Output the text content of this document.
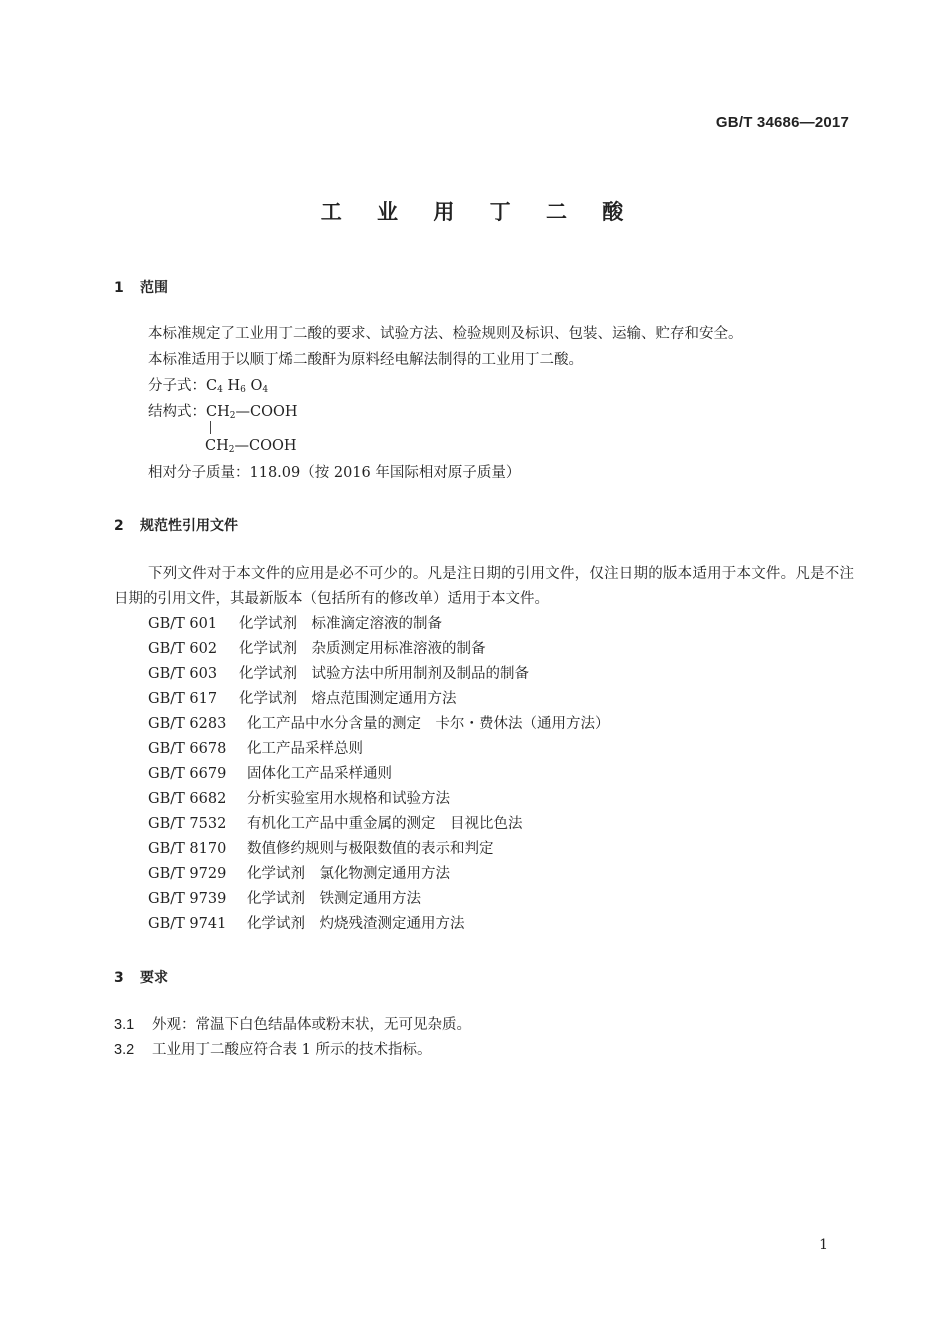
GB/T 34686—2017
工 业 用 丁 二 酸
1 范围
本标准规定了工业用丁二酸的要求、试验方法、检验规则及标识、包装、运输、贮存和安全。
本标准适用于以顺丁烯二酸酐为原料经电解法制得的工业用丁二酸。
分子式：C4 H6 O4
结构式：CH2—COOH
CH2—COOH
相对分子质量：118.09（按 2016 年国际相对原子质量）
2 规范性引用文件
下列文件对于本文件的应用是必不可少的。凡是注日期的引用文件，仅注日期的版本适用于本文件。凡是不注日期的引用文件，其最新版本（包括所有的修改单）适用于本文件。
GB/T 601 化学试剂　标准滴定溶液的制备
GB/T 602 化学试剂　杂质测定用标准溶液的制备
GB/T 603 化学试剂　试验方法中所用制剂及制品的制备
GB/T 617 化学试剂　熔点范围测定通用方法
GB/T 6283 化工产品中水分含量的测定　卡尔・费休法（通用方法）
GB/T 6678 化工产品采样总则
GB/T 6679 固体化工产品采样通则
GB/T 6682 分析实验室用水规格和试验方法
GB/T 7532 有机化工产品中重金属的测定　目视比色法
GB/T 8170 数值修约规则与极限数值的表示和判定
GB/T 9729 化学试剂　氯化物测定通用方法
GB/T 9739 化学试剂　铁测定通用方法
GB/T 9741 化学试剂　灼烧残渣测定通用方法
3 要求
3.1 外观：常温下白色结晶体或粉末状，无可见杂质。
3.2 工业用丁二酸应符合表 1 所示的技术指标。
1
